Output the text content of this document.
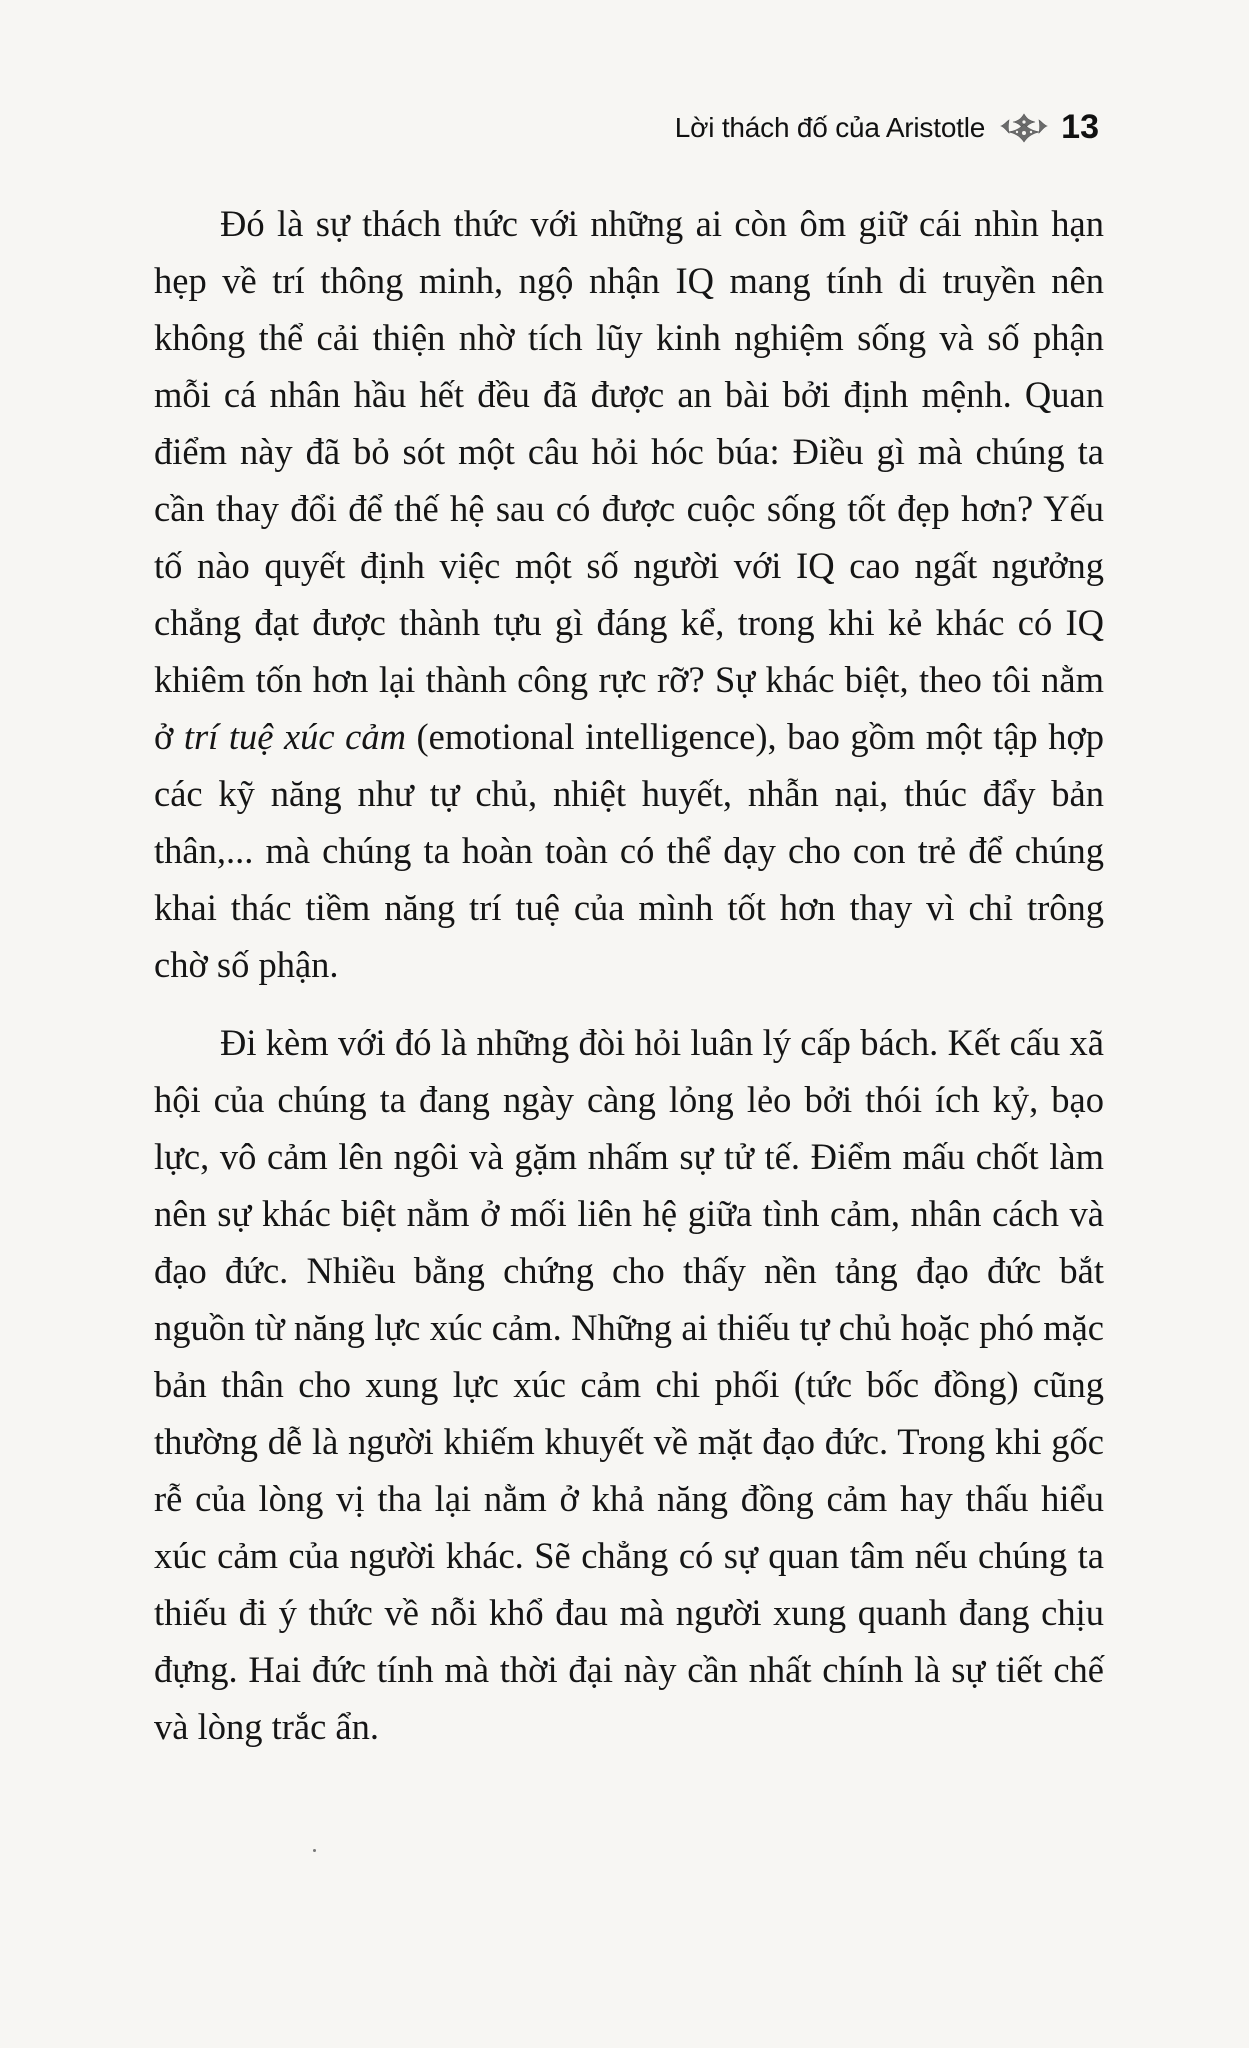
Lời thách đố của Aristotle 13

Đó là sự thách thức với những ai còn ôm giữ cái nhìn hạn hẹp về trí thông minh, ngộ nhận IQ mang tính di truyền nên không thể cải thiện nhờ tích lũy kinh nghiệm sống và số phận mỗi cá nhân hầu hết đều đã được an bài bởi định mệnh. Quan điểm này đã bỏ sót một câu hỏi hóc búa: Điều gì mà chúng ta cần thay đổi để thế hệ sau có được cuộc sống tốt đẹp hơn? Yếu tố nào quyết định việc một số người với IQ cao ngất ngưởng chẳng đạt được thành tựu gì đáng kể, trong khi kẻ khác có IQ khiêm tốn hơn lại thành công rực rỡ? Sự khác biệt, theo tôi nằm ở trí tuệ xúc cảm (emotional intelligence), bao gồm một tập hợp các kỹ năng như tự chủ, nhiệt huyết, nhẫn nại, thúc đẩy bản thân,... mà chúng ta hoàn toàn có thể dạy cho con trẻ để chúng khai thác tiềm năng trí tuệ của mình tốt hơn thay vì chỉ trông chờ số phận.

Đi kèm với đó là những đòi hỏi luân lý cấp bách. Kết cấu xã hội của chúng ta đang ngày càng lỏng lẻo bởi thói ích kỷ, bạo lực, vô cảm lên ngôi và gặm nhấm sự tử tế. Điểm mấu chốt làm nên sự khác biệt nằm ở mối liên hệ giữa tình cảm, nhân cách và đạo đức. Nhiều bằng chứng cho thấy nền tảng đạo đức bắt nguồn từ năng lực xúc cảm. Những ai thiếu tự chủ hoặc phó mặc bản thân cho xung lực xúc cảm chi phối (tức bốc đồng) cũng thường dễ là người khiếm khuyết về mặt đạo đức. Trong khi gốc rễ của lòng vị tha lại nằm ở khả năng đồng cảm hay thấu hiểu xúc cảm của người khác. Sẽ chẳng có sự quan tâm nếu chúng ta thiếu đi ý thức về nỗi khổ đau mà người xung quanh đang chịu đựng. Hai đức tính mà thời đại này cần nhất chính là sự tiết chế và lòng trắc ẩn.
